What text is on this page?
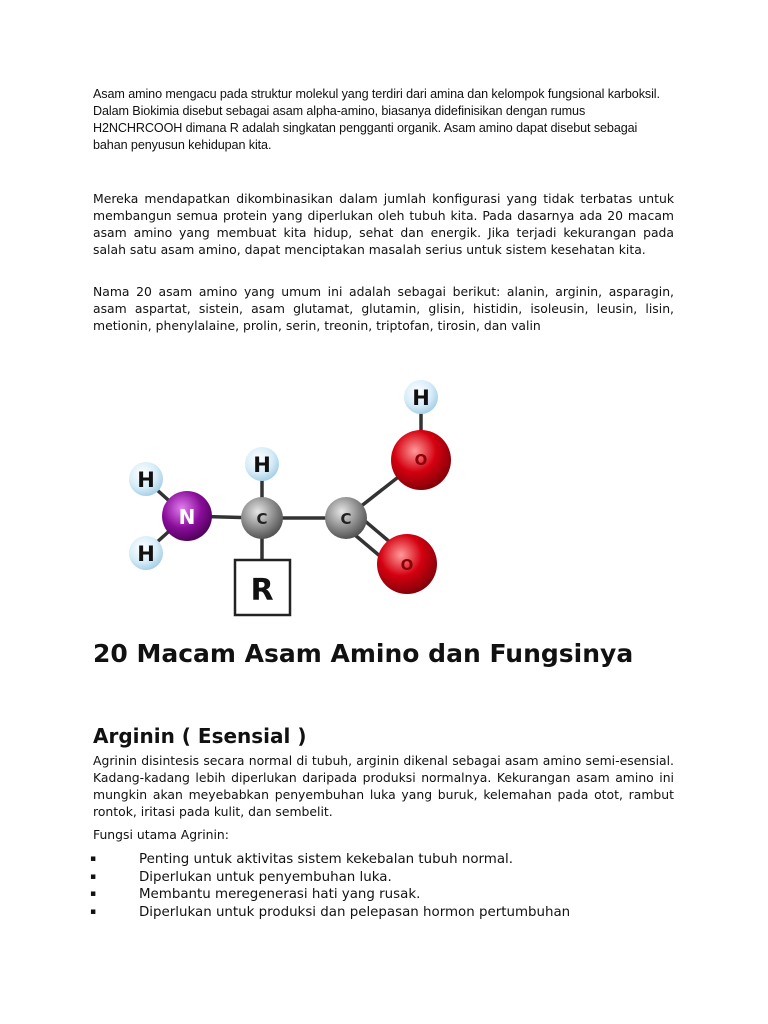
Asam amino mengacu pada struktur molekul yang terdiri dari amina dan kelompok fungsional karboksil. Dalam Biokimia disebut sebagai asam alpha-amino, biasanya didefinisikan dengan rumus H2NCHRCOOH dimana R adalah singkatan pengganti organik. Asam amino dapat disebut sebagai bahan penyusun kehidupan kita.

Mereka mendapatkan dikombinasikan dalam jumlah konfigurasi yang tidak terbatas untuk membangun semua protein yang diperlukan oleh tubuh kita. Pada dasarnya ada 20 macam asam amino yang membuat kita hidup, sehat dan energik. Jika terjadi kekurangan pada salah satu asam amino, dapat menciptakan masalah serius untuk sistem kesehatan kita.

Nama 20 asam amino yang umum ini adalah sebagai berikut: alanin, arginin, asparagin, asam aspartat, sistein, asam glutamat, glutamin, glisin, histidin, isoleusin, leusin, lisin, metionin, phenylalaine, prolin, serin, treonin, triptofan, tirosin, dan valin

Agrinin disintesis secara normal di tubuh, arginin dikenal sebagai asam amino semi-esensial. Kadang-kadang lebih diperlukan daripada produksi normalnya. Kekurangan asam amino ini mungkin akan meyebabkan penyembuhan luka yang buruk, kelemahan pada otot, rambut rontok, iritasi pada kulit, dan sembelit.

Fungsi utama Agrinin:

H
O
H
H
H
N	C	C
O
R
20 Macam Asam Amino dan Fungsinya
Arginin ( Esensial )
▪	Penting untuk aktivitas sistem kekebalan tubuh normal.
▪	Diperlukan untuk penyembuhan luka.
▪	Membantu meregenerasi hati yang rusak.
▪	Diperlukan untuk produksi dan pelepasan hormon pertumbuhan
